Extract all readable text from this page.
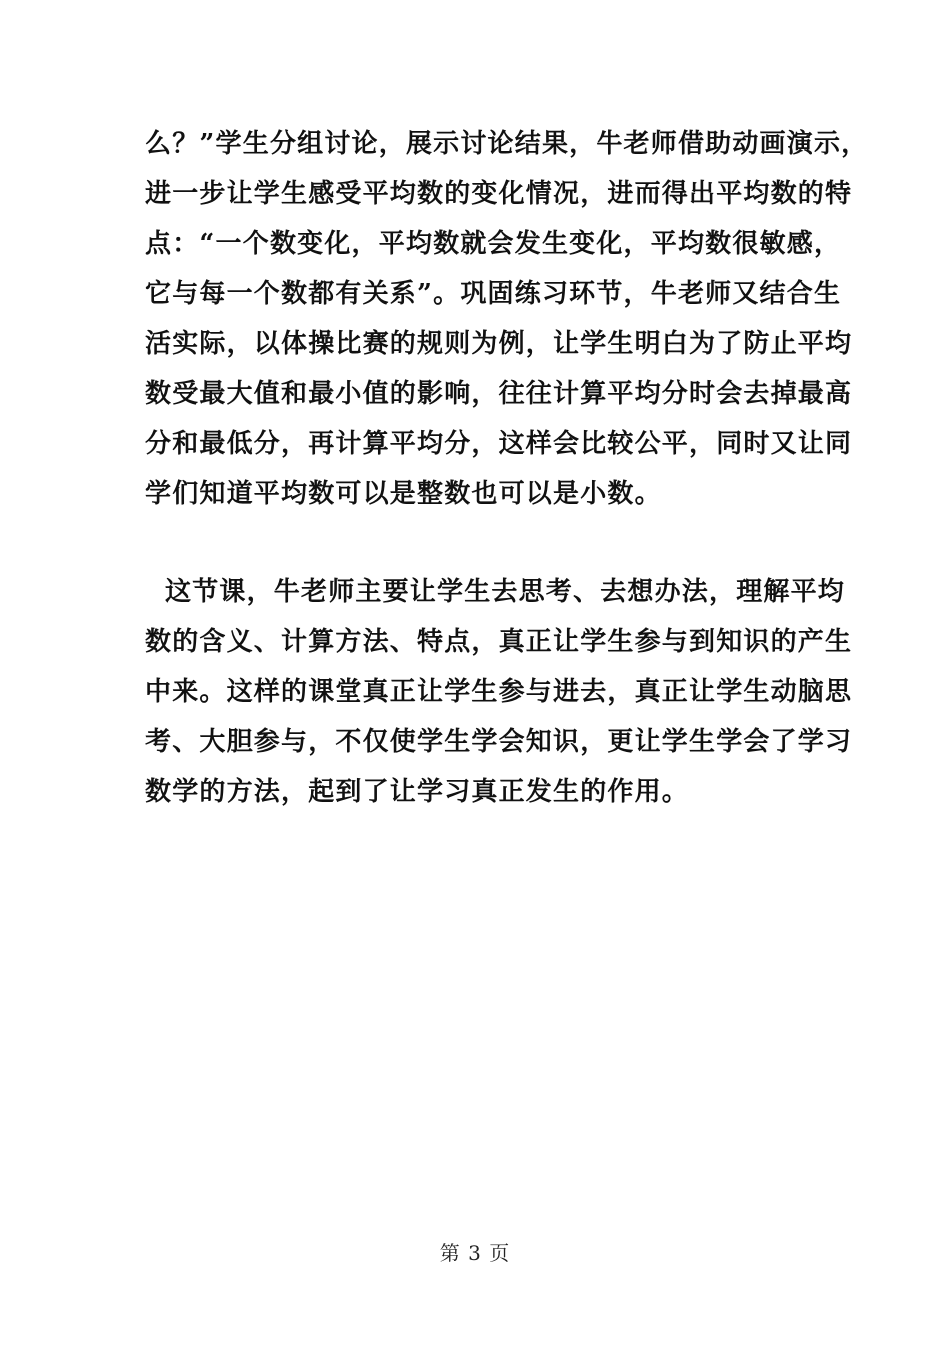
么？”学生分组讨论，展示讨论结果，牛老师借助动画演示，
进一步让学生感受平均数的变化情况，进而得出平均数的特
点：“一个数变化，平均数就会发生变化，平均数很敏感，
它与每一个数都有关系”。巩固练习环节，牛老师又结合生
活实际，以体操比赛的规则为例，让学生明白为了防止平均
数受最大值和最小值的影响，往往计算平均分时会去掉最高
分和最低分，再计算平均分，这样会比较公平，同时又让同
学们知道平均数可以是整数也可以是小数。
这节课，牛老师主要让学生去思考、去想办法，理解平均
数的含义、计算方法、特点，真正让学生参与到知识的产生
中来。这样的课堂真正让学生参与进去，真正让学生动脑思
考、大胆参与，不仅使学生学会知识，更让学生学会了学习
数学的方法，起到了让学习真正发生的作用。
第 3 页
